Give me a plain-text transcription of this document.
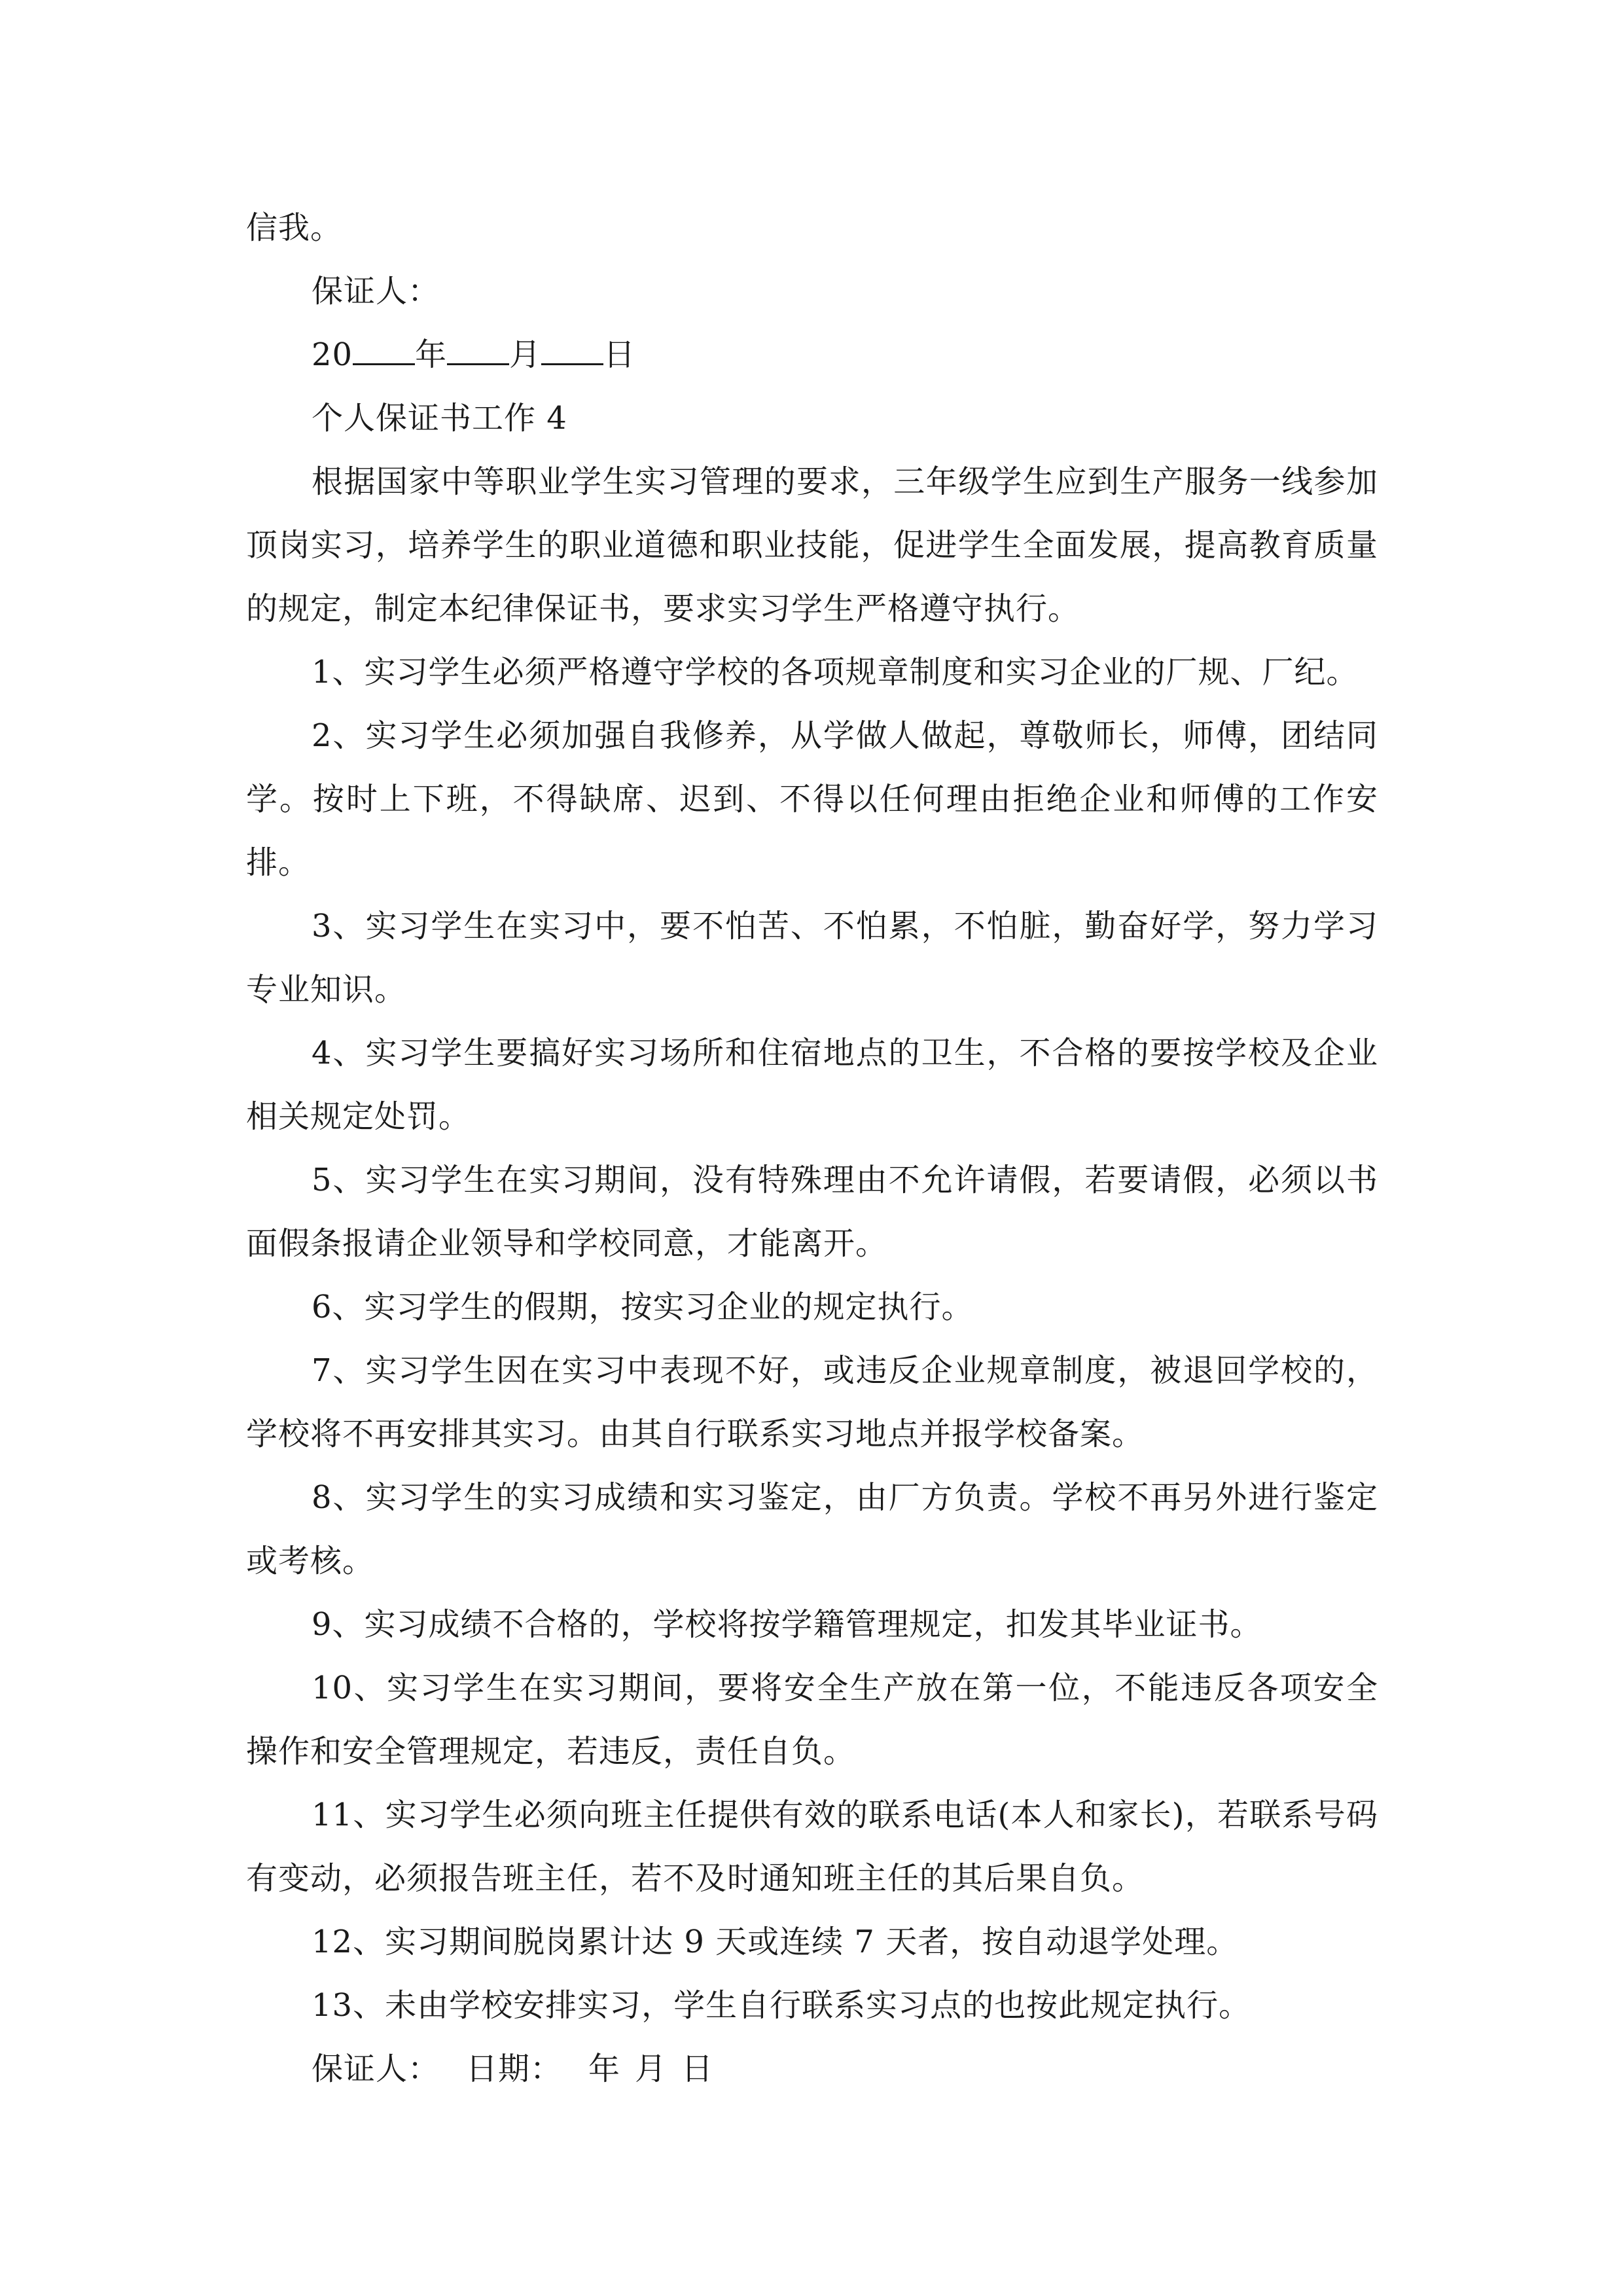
信我。

保证人：

20 年 月 日

个人保证书工作 4

根据国家中等职业学生实习管理的要求，三年级学生应到生产服务一线参加顶岗实习，培养学生的职业道德和职业技能，促进学生全面发展，提高教育质量的规定，制定本纪律保证书，要求实习学生严格遵守执行。

1、实习学生必须严格遵守学校的各项规章制度和实习企业的厂规、厂纪。

2、实习学生必须加强自我修养，从学做人做起，尊敬师长，师傅，团结同学。按时上下班，不得缺席、迟到、不得以任何理由拒绝企业和师傅的工作安排。

3、实习学生在实习中，要不怕苦、不怕累，不怕脏，勤奋好学，努力学习专业知识。

4、实习学生要搞好实习场所和住宿地点的卫生，不合格的要按学校及企业相关规定处罚。

5、实习学生在实习期间，没有特殊理由不允许请假，若要请假，必须以书面假条报请企业领导和学校同意，才能离开。

6、实习学生的假期，按实习企业的规定执行。

7、实习学生因在实习中表现不好，或违反企业规章制度，被退回学校的，学校将不再安排其实习。由其自行联系实习地点并报学校备案。

8、实习学生的实习成绩和实习鉴定，由厂方负责。学校不再另外进行鉴定或考核。

9、实习成绩不合格的，学校将按学籍管理规定，扣发其毕业证书。

10、实习学生在实习期间，要将安全生产放在第一位，不能违反各项安全操作和安全管理规定，若违反，责任自负。

11、实习学生必须向班主任提供有效的联系电话(本人和家长)，若联系号码有变动，必须报告班主任，若不及时通知班主任的其后果自负。

12、实习期间脱岗累计达 9 天或连续 7 天者，按自动退学处理。

13、未由学校安排实习，学生自行联系实习点的也按此规定执行。

保证人： 日期： 年 月 日
